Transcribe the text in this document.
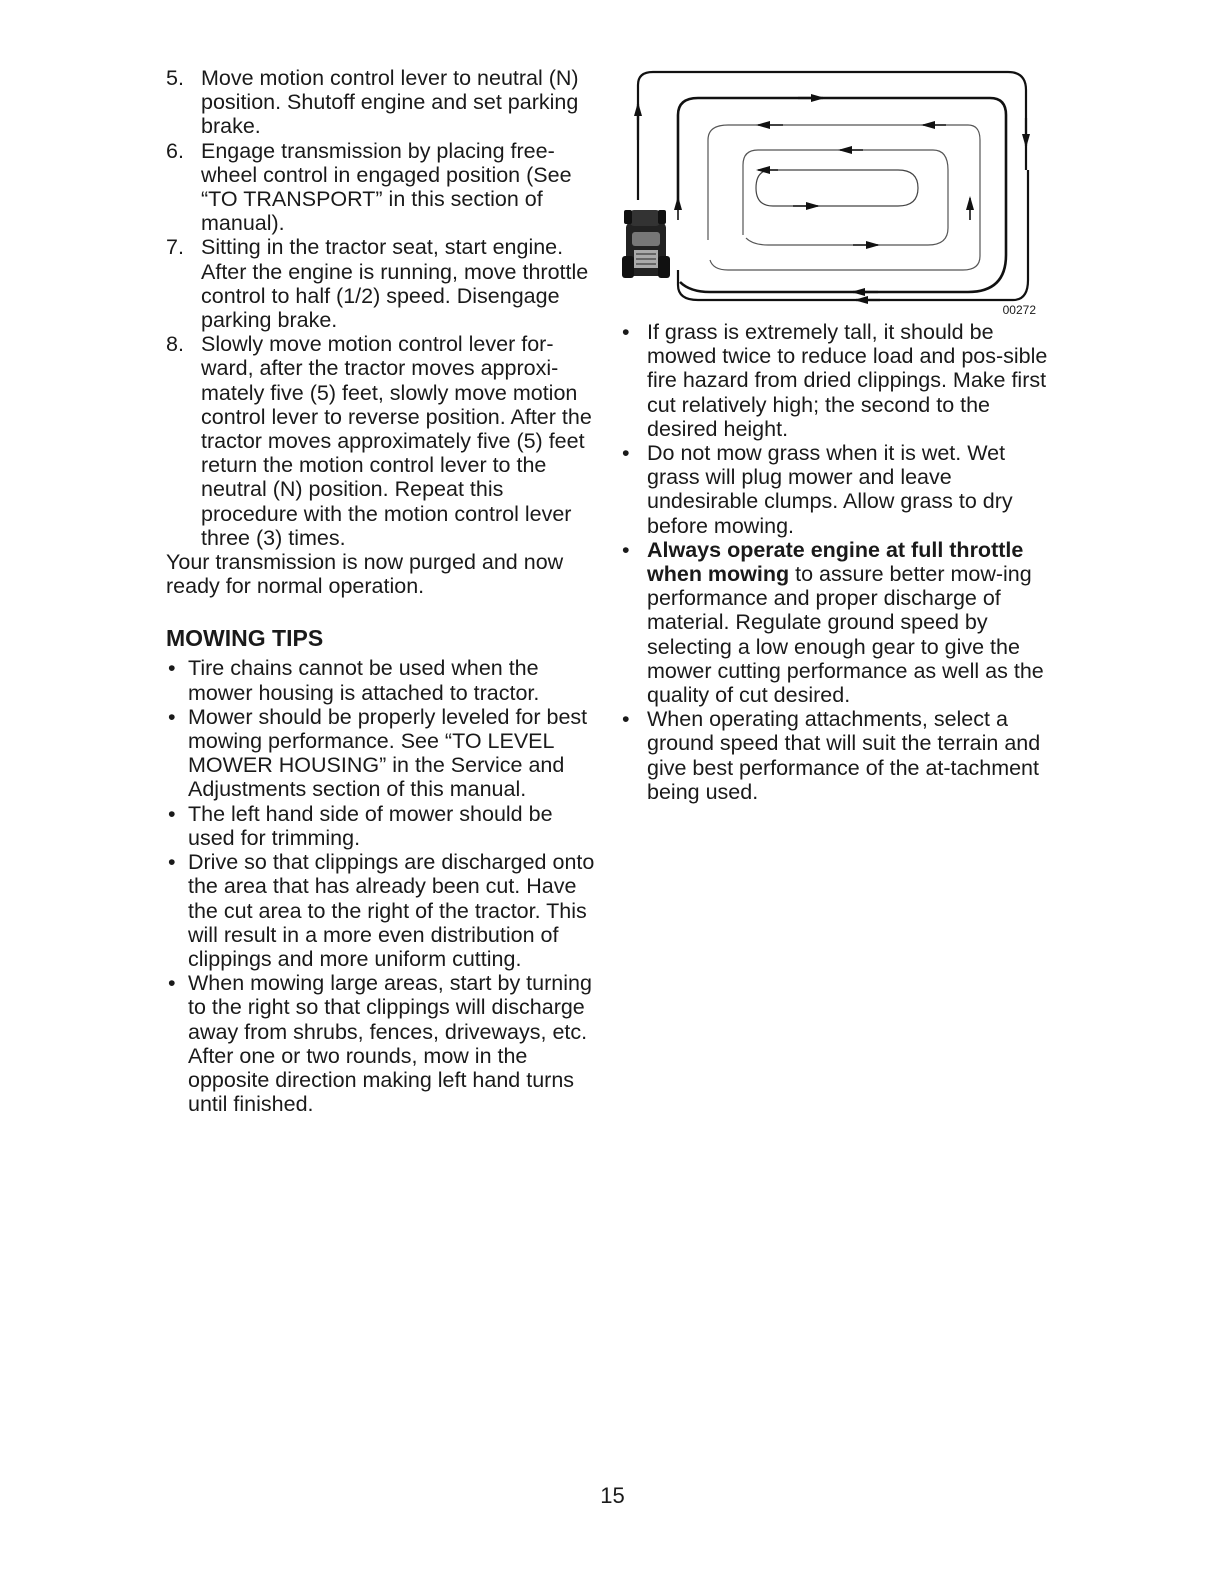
5. Move motion control lever to neutral (N) position. Shutoff engine and set parking brake.
6. Engage transmission by placing free-wheel control in engaged position (See “TO TRANSPORT” in this section of manual).
7. Sitting in the tractor seat, start engine. After the engine is running, move throttle control to half (1/2) speed. Disengage parking brake.
8. Slowly move motion control lever for-ward, after the tractor moves approxi-mately five (5) feet, slowly move motion control lever to reverse position. After the tractor moves approximately five (5) feet return the motion control lever to the neutral (N) position. Repeat this procedure with the motion control lever three (3) times.

Your transmission is now purged and now ready for normal operation.

MOWING TIPS
• Tire chains cannot be used when the mower housing is attached to tractor.
• Mower should be properly leveled for best mowing performance. See “TO LEVEL MOWER HOUSING” in the Service and Adjustments section of this manual.
• The left hand side of mower should be used for trimming.
• Drive so that clippings are discharged onto the area that has already been cut. Have the cut area to the right of the tractor. This will result in a more even distribution of clippings and more uniform cutting.
• When mowing large areas, start by turning to the right so that clippings will discharge away from shrubs, fences, driveways, etc. After one or two rounds, mow in the opposite direction making left hand turns until finished.
00272
• If grass is extremely tall, it should be mowed twice to reduce load and pos-sible fire hazard from dried clippings. Make first cut relatively high; the second to the desired height.
• Do not mow grass when it is wet. Wet grass will plug mower and leave undesirable clumps. Allow grass to dry before mowing.
• Always operate engine at full throttle when mowing to assure better mow-ing performance and proper discharge of material. Regulate ground speed by selecting a low enough gear to give the mower cutting performance as well as the quality of cut desired.
• When operating attachments, select a ground speed that will suit the terrain and give best performance of the at-tachment being used.
15
